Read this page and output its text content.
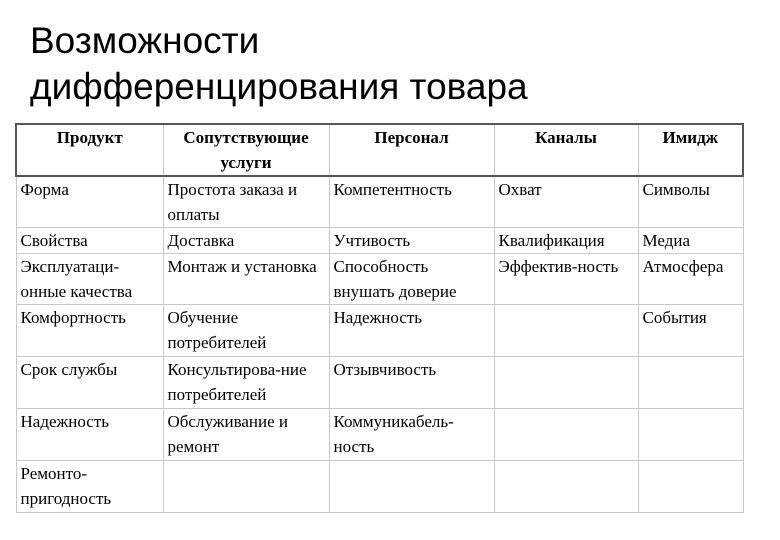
Возможности
дифференцирования товара
Продукт	Сопутствующие услуги	Персонал	Каналы	Имидж
Форма	Простота заказа и оплаты	Компетентность	Охват	Символы
Свойства	Доставка	Учтивость	Квалификация	Медиа
Эксплуатаци-онные качества	Монтаж и установка	Способность внушать доверие	Эффектив-ность	Атмосфера
Комфортность	Обучение потребителей	Надежность		События
Срок службы	Консультирова-ние потребителей	Отзывчивость		
Надежность	Обслуживание и ремонт	Коммуникабель-ность		
Ремонто-пригодность				
